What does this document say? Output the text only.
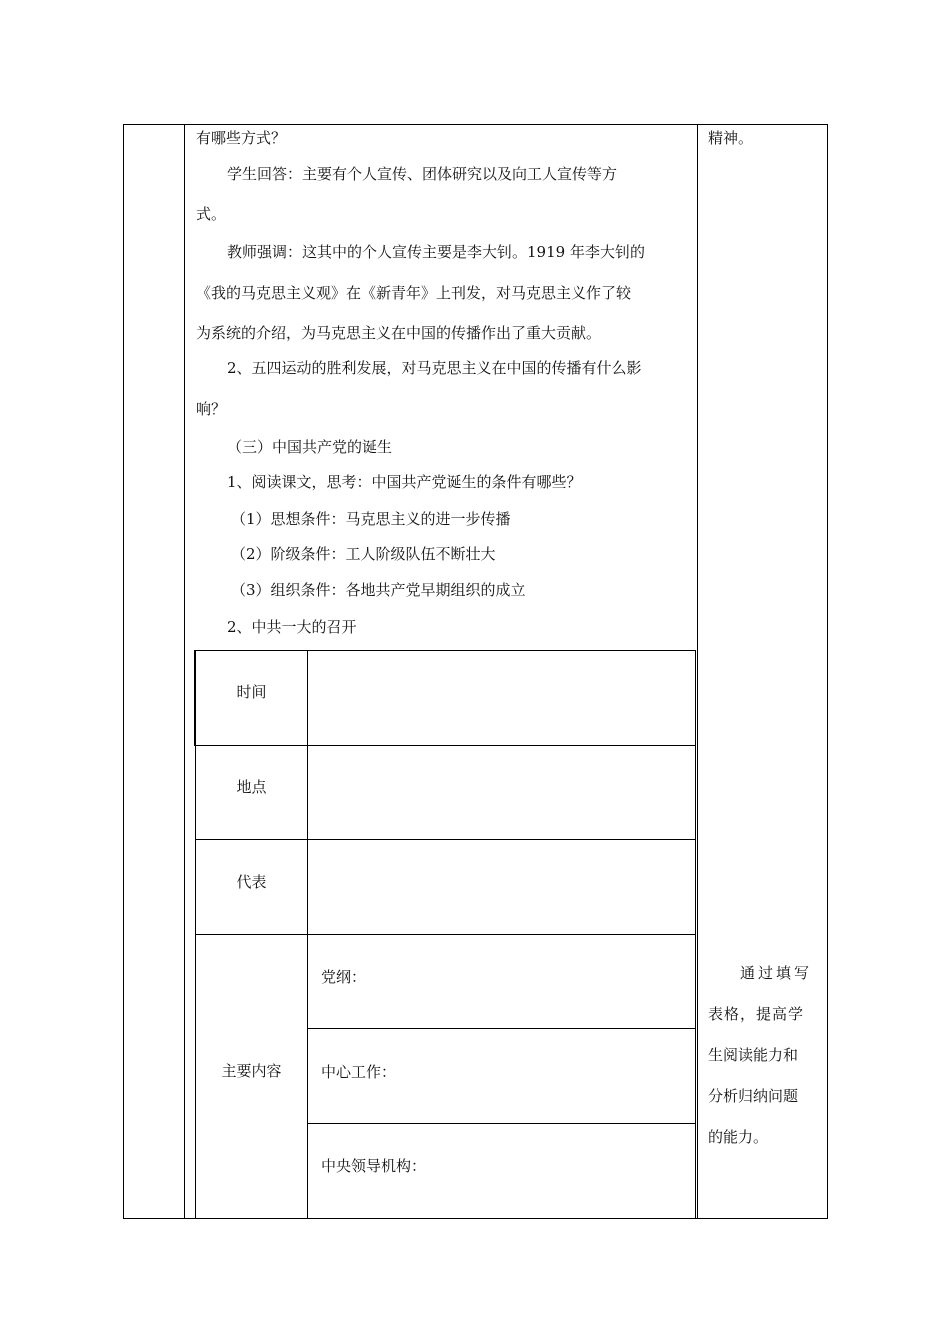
有哪些方式？
学生回答：主要有个人宣传、团体研究以及向工人宣传等方
式。
教师强调：这其中的个人宣传主要是李大钊。1919 年李大钊的
《我的马克思主义观》在《新青年》上刊发，对马克思主义作了较
为系统的介绍，为马克思主义在中国的传播作出了重大贡献。
2、五四运动的胜利发展，对马克思主义在中国的传播有什么影
响？
（三）中国共产党的诞生
1、阅读课文，思考：中国共产党诞生的条件有哪些？
（1）思想条件：马克思主义的进一步传播
（2）阶级条件：工人阶级队伍不断壮大
（3）组织条件：各地共产党早期组织的成立
2、中共一大的召开
时间
地点
代表
主要内容
党纲：
中心工作：
中央领导机构：
精神。
通过填写
表格，提高学
生阅读能力和
分析归纳问题
的能力。
